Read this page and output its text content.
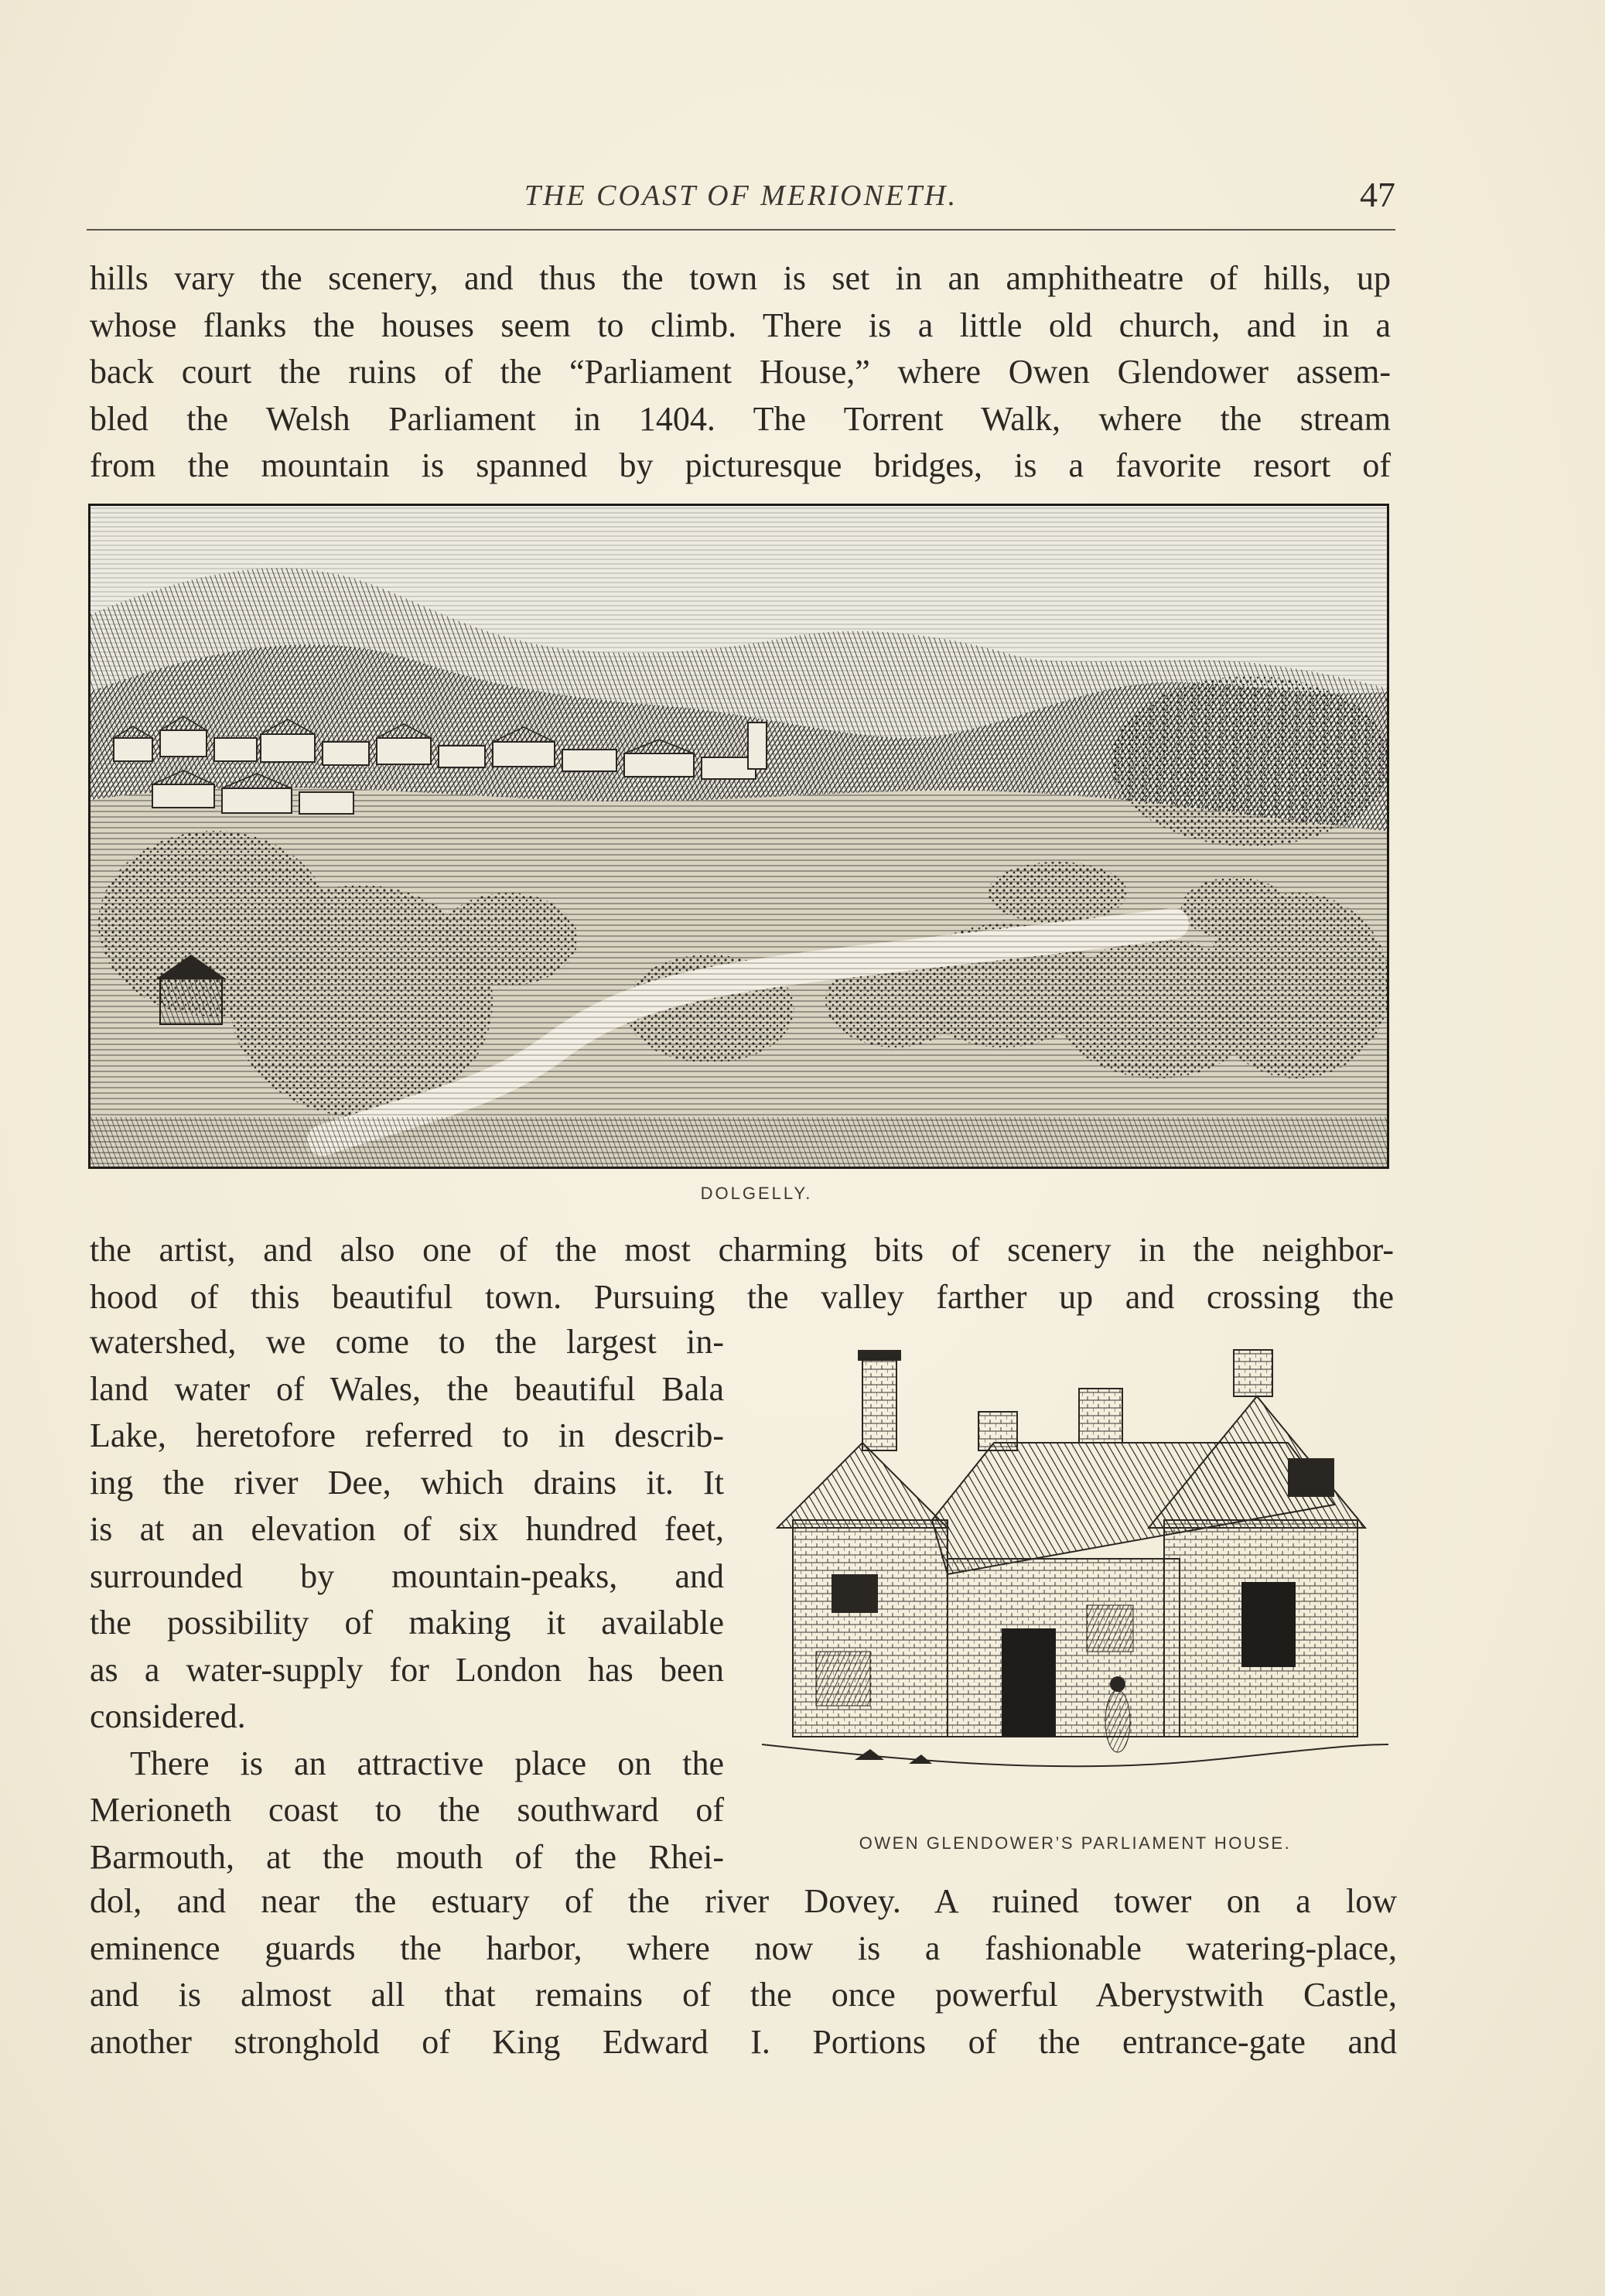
THE COAST OF MERIONETH.	47
hills vary the scenery, and thus the town is set in an amphitheatre of hills, up
whose flanks the houses seem to climb. There is a little old church, and in a
back court the ruins of the “Parliament House,” where Owen Glendower assem-
bled the Welsh Parliament in 1404. The Torrent Walk, where the stream
from the mountain is spanned by picturesque bridges, is a favorite resort of
DOLGELLY.
the artist, and also one of the most charming bits of scenery in the neighbor-
hood of this beautiful town. Pursuing the valley farther up and crossing the
watershed, we come to the largest in-
land water of Wales, the beautiful Bala
Lake, heretofore referred to in describ-
ing the river Dee, which drains it. It
is at an elevation of six hundred feet,
surrounded by mountain-peaks, and
the possibility of making it available
as a water-supply for London has been
considered.
There is an attractive place on the
Merioneth coast to the southward of
Barmouth, at the mouth of the Rhei-	OWEN GLENDOWER’S PARLIAMENT HOUSE.
dol, and near the estuary of the river Dovey. A ruined tower on a low
eminence guards the harbor, where now is a fashionable watering-place,
and is almost all that remains of the once powerful Aberystwith Castle,
another stronghold of King Edward I. Portions of the entrance-gate and
